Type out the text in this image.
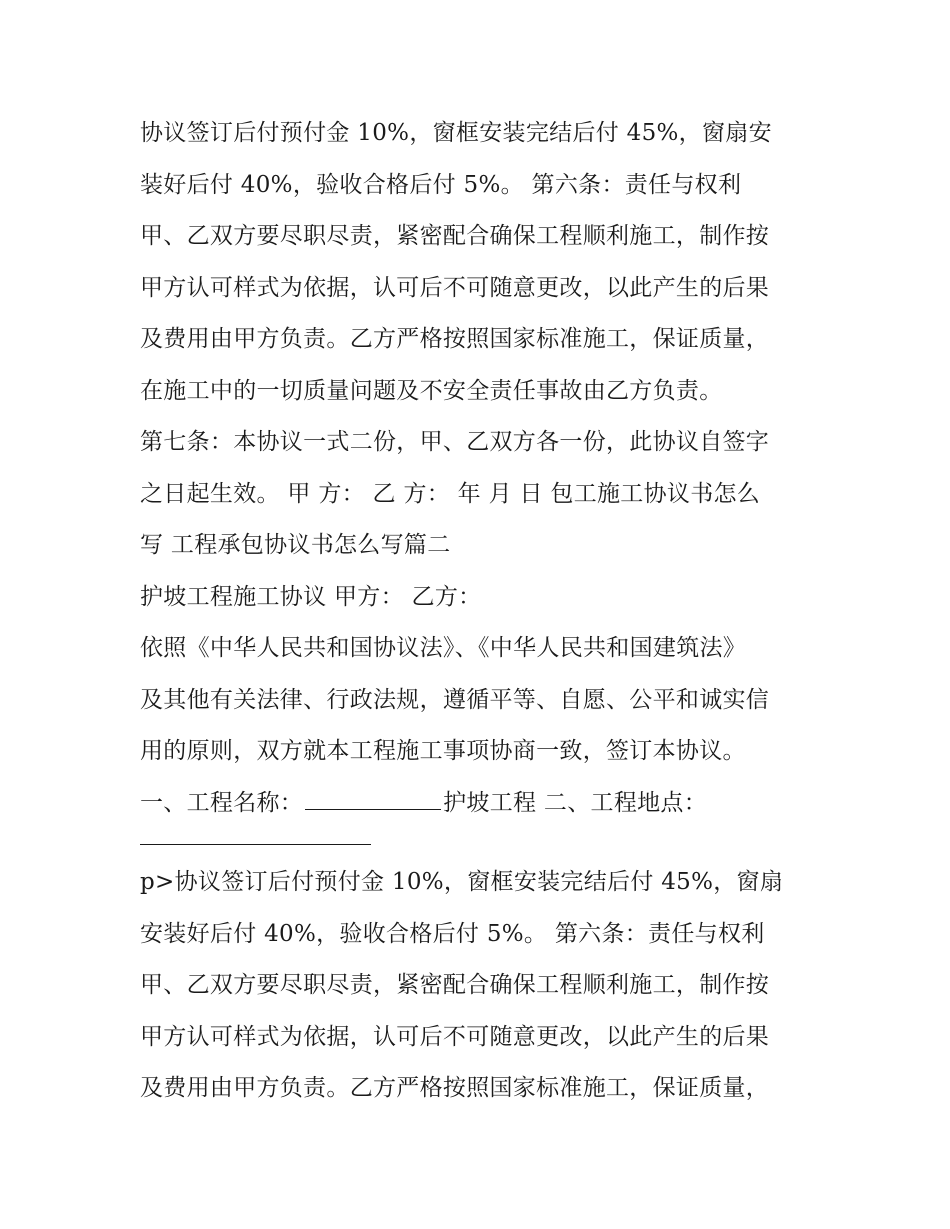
协议签订后付预付金 10%，窗框安装完结后付 45%，窗扇安
装好后付 40%，验收合格后付 5%。 第六条：责任与权利
甲、乙双方要尽职尽责，紧密配合确保工程顺利施工，制作按
甲方认可样式为依据，认可后不可随意更改，以此产生的后果
及费用由甲方负责。乙方严格按照国家标准施工，保证质量，
在施工中的一切质量问题及不安全责任事故由乙方负责。
第七条：本协议一式二份，甲、乙双方各一份，此协议自签字
之日起生效。 甲 方： 乙 方： 年 月 日 包工施工协议书怎么
写 工程承包协议书怎么写篇二
护坡工程施工协议 甲方： 乙方：
依照《中华人民共和国协议法》、《中华人民共和国建筑法》
及其他有关法律、行政法规，遵循平等、自愿、公平和诚实信
用的原则，双方就本工程施工事项协商一致，签订本协议。
一、工程名称：	护坡工程 二、工程地点：
p>协议签订后付预付金 10%，窗框安装完结后付 45%，窗扇
安装好后付 40%，验收合格后付 5%。 第六条：责任与权利
甲、乙双方要尽职尽责，紧密配合确保工程顺利施工，制作按
甲方认可样式为依据，认可后不可随意更改，以此产生的后果
及费用由甲方负责。乙方严格按照国家标准施工，保证质量，
